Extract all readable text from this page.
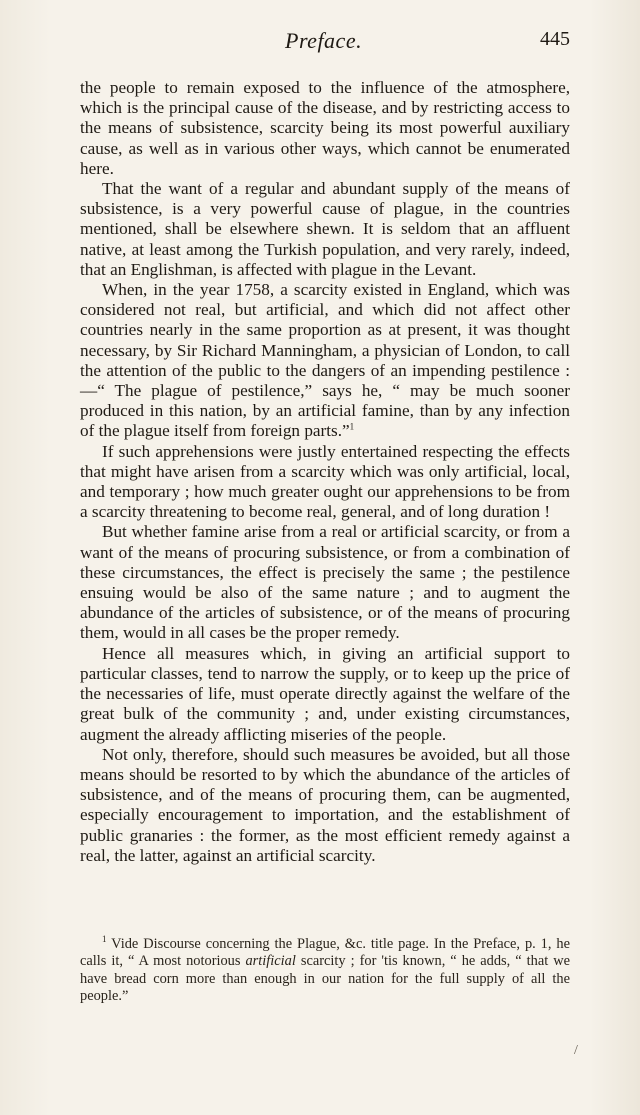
Preface.	445

the people to remain exposed to the influence of the atmosphere, which is the principal cause of the disease, and by restricting access to the means of subsistence, scarcity being its most powerful auxiliary cause, as well as in various other ways, which cannot be enumerated here.

That the want of a regular and abundant supply of the means of subsistence, is a very powerful cause of plague, in the countries mentioned, shall be elsewhere shewn. It is seldom that an affluent native, at least among the Turkish population, and very rarely, indeed, that an Englishman, is affected with plague in the Levant.

When, in the year 1758, a scarcity existed in England, which was considered not real, but artificial, and which did not affect other countries nearly in the same proportion as at present, it was thought necessary, by Sir Richard Manningham, a physician of London, to call the attention of the public to the dangers of an impending pestilence :—“ The plague of pestilence,” says he, “ may be much sooner produced in this nation, by an artificial famine, than by any infection of the plague itself from foreign parts.”$^1$

If such apprehensions were justly entertained respecting the effects that might have arisen from a scarcity which was only artificial, local, and temporary ; how much greater ought our apprehensions to be from a scarcity threatening to become real, general, and of long duration !

But whether famine arise from a real or artificial scarcity, or from a want of the means of procuring subsistence, or from a combination of these circumstances, the effect is precisely the same ; the pestilence ensuing would be also of the same nature ; and to augment the abundance of the articles of subsistence, or of the means of procuring them, would in all cases be the proper remedy.

Hence all measures which, in giving an artificial support to particular classes, tend to narrow the supply, or to keep up the price of the necessaries of life, must operate directly against the welfare of the great bulk of the community ; and, under existing circumstances, augment the already afflicting miseries of the people.

Not only, therefore, should such measures be avoided, but all those means should be resorted to by which the abundance of the articles of subsistence, and of the means of procuring them, can be augmented, especially encouragement to importation, and the establishment of public granaries : the former, as the most efficient remedy against a real, the latter, against an artificial scarcity.

$^1$ Vide Discourse concerning the Plague, &c. title page. In the Preface, p. 1, he calls it, “ A most notorious artificial scarcity ; for 'tis known, “ he adds, “ that we have bread corn more than enough in our nation for the full supply of all the people.”

/
